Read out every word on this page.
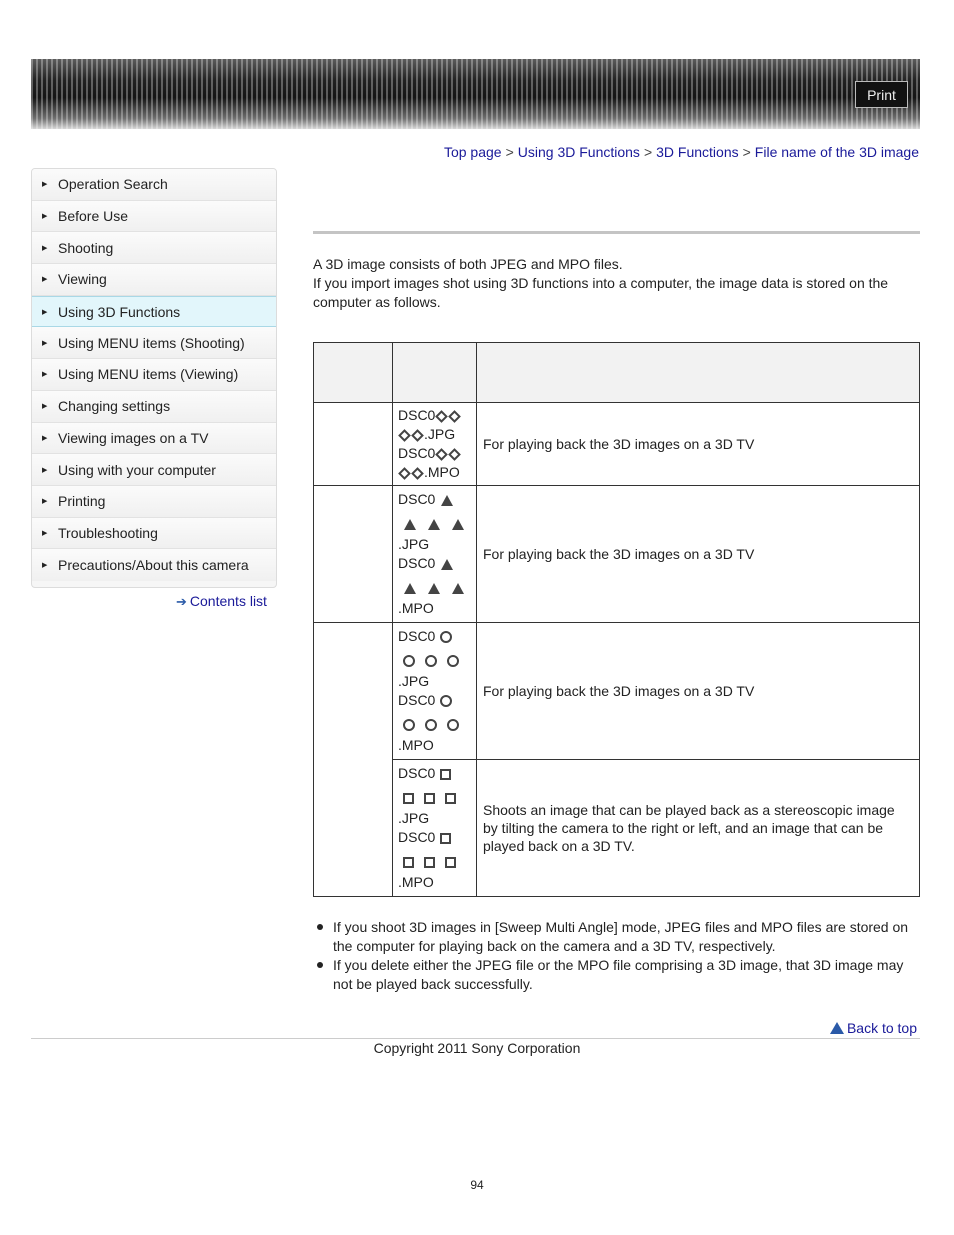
Print
Top page > Using 3D Functions > 3D Functions > File name of the 3D image
▶ Operation Search
▶ Before Use
▶ Shooting
▶ Viewing
▶ Using 3D Functions
▶ Using MENU items (Shooting)
▶ Using MENU items (Viewing)
▶ Changing settings
▶ Viewing images on a TV
▶ Using with your computer
▶ Printing
▶ Troubleshooting
▶ Precautions/About this camera
➔ Contents list

A 3D image consists of both JPEG and MPO files.

If you import images shot using 3D functions into a computer, the image data is stored on the computer as follows.

	DSC0
.JPG
DSC0
.MPO	For playing back the 3D images on a 3D TV

	DSC0
.JPG
DSC0
.MPO	For playing back the 3D images on a 3D TV

	DSC0
.JPG
DSC0
.MPO	For playing back the 3D images on a 3D TV

	DSC0
.JPG
DSC0
.MPO	Shoots an image that can be played back as a stereoscopic image by tilting the camera to the right or left, and an image that can be played back on a 3D TV.
If you shoot 3D images in [Sweep Multi Angle] mode, JPEG files and MPO files are stored on the computer for playing back on the camera and a 3D TV, respectively.
If you delete either the JPEG file or the MPO file comprising a 3D image, that 3D image may not be played back successfully.
Back to top
Copyright 2011 Sony Corporation
94
